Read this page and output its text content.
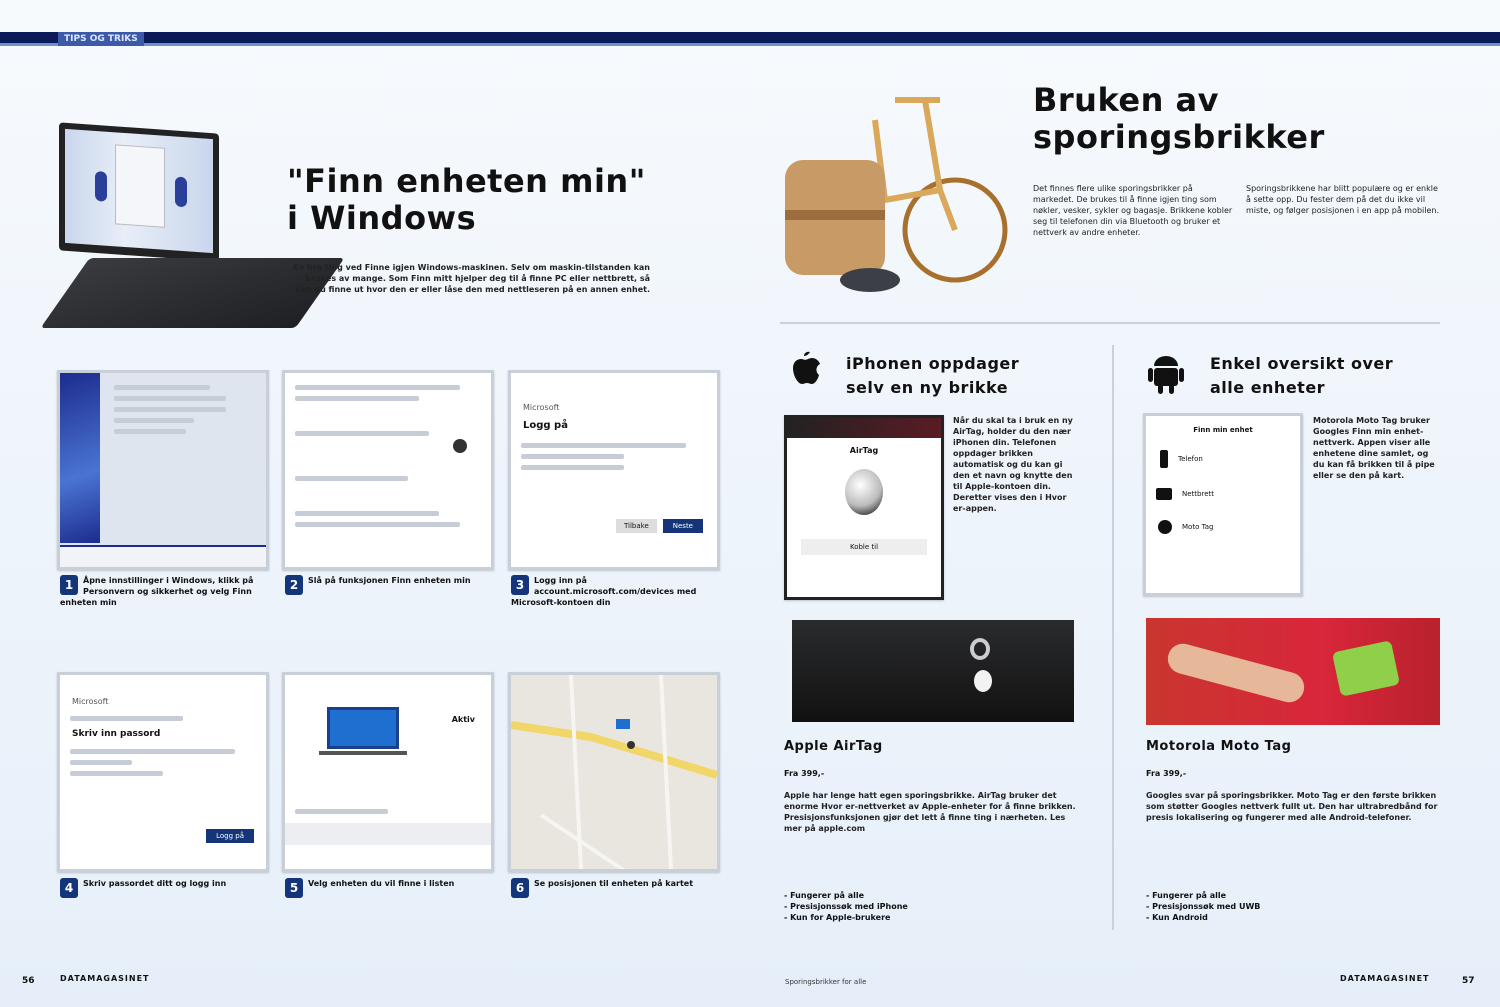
TIPS OG TRIKS
"Finn enheten min"
i Windows
En bra ting ved Finne igjen Windows-maskinen. Selv om maskin-tilstanden kan brukes av mange. Som Finn mitt hjelper deg til å finne PC eller nettbrett, så kan du finne ut hvor den er eller låse den med nettleseren på en annen enhet.
Microsoft
Logg på
Tilbake	Neste
1	Åpne innstillinger i Windows, klikk på Personvern og sikkerhet og velg Finn enheten min
2	Slå på funksjonen Finn enheten min	3	Logg inn på account.microsoft.com/devices med Microsoft-kontoen din
Microsoft
Skriv inn passord
Logg på
Aktiv
4	Skriv passordet ditt og logg inn	5	Velg enheten du vil finne i listen	6	Se posisjonen til enheten på kartet
56	DATAMAGASINET
Bruken av
sporingsbrikker
Det finnes flere ulike sporingsbrikker på markedet. De brukes til å finne igjen ting som nøkler, vesker, sykler og bagasje. Brikkene kobler seg til telefonen din via Bluetooth og bruker et nettverk av andre enheter.
Sporingsbrikkene har blitt populære og er enkle å sette opp. Du fester dem på det du ikke vil miste, og følger posisjonen i en app på mobilen.
iPhonen oppdager
selv en ny brikke
AirTag
Koble til
Når du skal ta i bruk en ny AirTag, holder du den nær iPhonen din. Telefonen oppdager brikken automatisk og du kan gi den et navn og knytte den til Apple-kontoen din. Deretter vises den i Hvor er-appen.
Apple AirTag
Fra 399,-
Apple har lenge hatt egen sporingsbrikke. AirTag bruker det enorme Hvor er-nettverket av Apple-enheter for å finne brikken. Presisjonsfunksjonen gjør det lett å finne ting i nærheten. Les mer på apple.com
- Fungerer på alle
- Presisjonssøk med iPhone
- Kun for Apple-brukere
Enkel oversikt over
alle enheter
Finn min enhet
Telefon
Nettbrett
Moto Tag
Motorola Moto Tag bruker Googles Finn min enhet-nettverk. Appen viser alle enhetene dine samlet, og du kan få brikken til å pipe eller se den på kart.
Motorola Moto Tag
Fra 399,-
Googles svar på sporingsbrikker. Moto Tag er den første brikken som støtter Googles nettverk fullt ut. Den har ultrabredbånd for presis lokalisering og fungerer med alle Android-telefoner.
- Fungerer på alle
- Presisjonssøk med UWB
- Kun Android
Sporingsbrikker for alle	DATAMAGASINET	57
